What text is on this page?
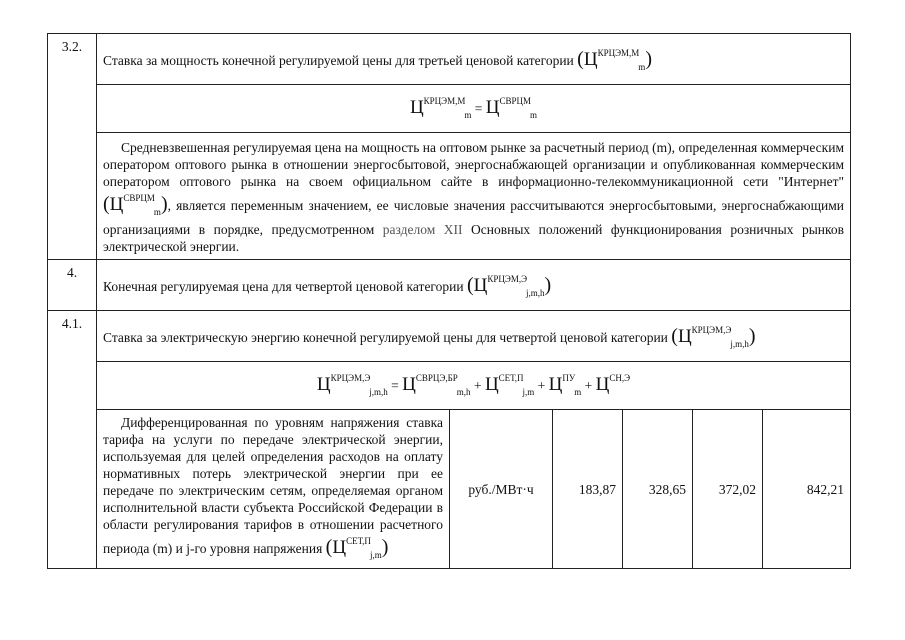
3.2.	Ставка за мощность конечной регулируемой цены для третьей ценовой категории $(Ц^{КРЦЭМ,М}_m)$
$Ц^{КРЦЭМ,М}_m = Ц^{СВРЦМ}_m$
Средневзвешенная регулируемая цена на мощность на оптовом рынке за расчетный период (m), определенная коммерческим оператором оптового рынка в отношении энергосбытовой, энергоснабжающей организации и опубликованная коммерческим оператором оптового рынка на своем официальном сайте в информационно-телекоммуникационной сети "Интернет" $(Ц^{СВРЦМ}_m)$, является переменным значением, ее числовые значения рассчитываются энергосбытовыми, энергоснабжающими организациями в порядке, предусмотренном разделом XII Основных положений функционирования розничных рынков электрической энергии.
4.	Конечная регулируемая цена для четвертой ценовой категории $(Ц^{КРЦЭМ,Э}_{j,m,h})$
4.1.	Ставка за электрическую энергию конечной регулируемой цены для четвертой ценовой категории $(Ц^{КРЦЭМ,Э}_{j,m,h})$
$Ц^{КРЦЭМ,Э}_{j,m,h} = Ц^{СВРЦЭ,БР}_{m,h} + Ц^{СЕТ,П}_{j,m} + Ц^{ПУ}_m + Ц^{СН,Э}$

Дифференцированная по уровням напряжения ставка тарифа на услуги по передаче электрической энергии, используемая для целей определения расходов на оплату нормативных потерь электрической энергии при ее передаче по электрическим сетям, определяемая органом исполнительной власти субъекта Российской Федерации в области регулирования тарифов в отношении расчетного периода (m) и j-го уровня напряжения $(Ц^{СЕТ,П}_{j,m})$	руб./МВт·ч	183,87	328,65	372,02	842,21
